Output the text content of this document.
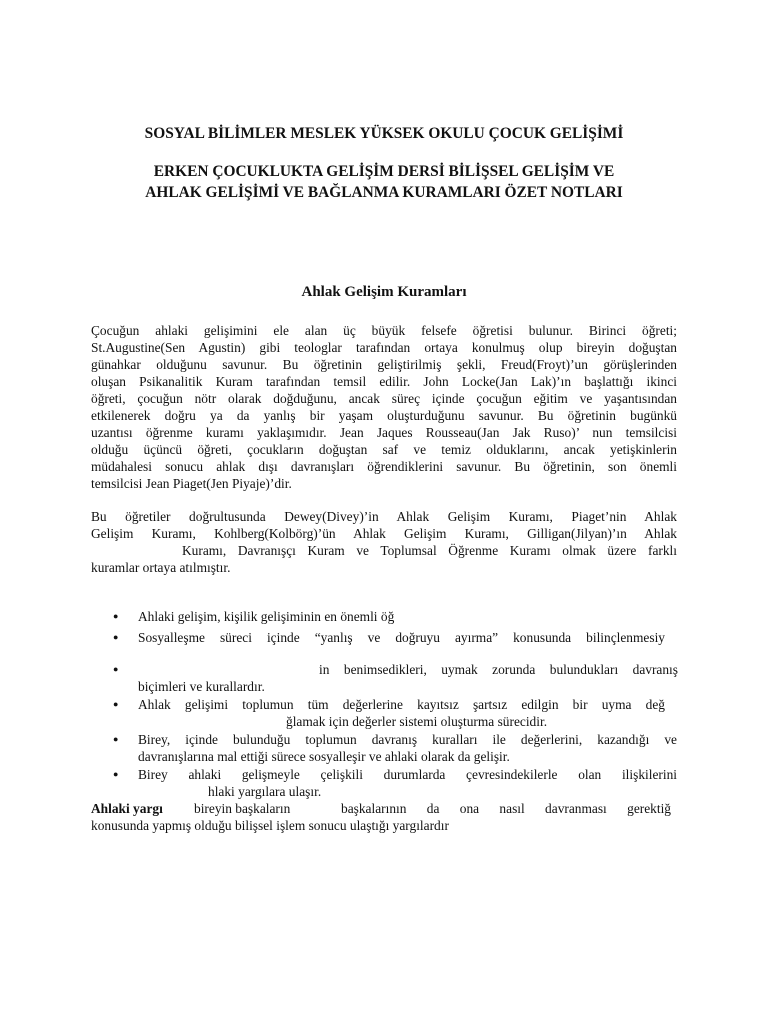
SOSYAL BİLİMLER MESLEK YÜKSEK OKULU ÇOCUK GELİŞİMİ

ERKEN ÇOCUKLUKTA GELİŞİM DERSİ BİLİŞSEL GELİŞİM VE

AHLAK GELİŞİMİ VE BAĞLANMA KURAMLARI ÖZET NOTLARI

Ahlak Gelişim Kuramları

Çocuğun ahlaki gelişimini ele alan üç büyük felsefe öğretisi bulunur. Birinci öğreti;

St.Augustine(Sen Agustin) gibi teologlar tarafından ortaya konulmuş olup bireyin doğuştan

günahkar olduğunu savunur. Bu öğretinin geliştirilmiş şekli, Freud(Froyt)’un görüşlerinden

oluşan Psikanalitik Kuram tarafından temsil edilir. John Locke(Jan Lak)’ın başlattığı ikinci

öğreti, çocuğun nötr olarak doğduğunu, ancak süreç içinde çocuğun eğitim ve yaşantısından

etkilenerek doğru ya da yanlış bir yaşam oluşturduğunu savunur. Bu öğretinin bugünkü

uzantısı öğrenme kuramı yaklaşımıdır. Jean Jaques Rousseau(Jan Jak Ruso)’ nun temsilcisi

olduğu üçüncü öğreti, çocukların doğuştan saf ve temiz olduklarını, ancak yetişkinlerin

müdahalesi sonucu ahlak dışı davranışları öğrendiklerini savunur. Bu öğretinin, son önemli

temsilcisi Jean Piaget(Jen Piyaje)’dir.

Bu öğretiler doğrultusunda Dewey(Divey)’in Ahlak Gelişim Kuramı, Piaget’nin Ahlak

Gelişim Kuramı, Kohlberg(Kolbörg)’ün Ahlak Gelişim Kuramı, Gilligan(Jilyan)’ın Ahlak

Kuramı, Davranışçı Kuram ve Toplumsal Öğrenme Kuramı olmak üzere farklı

kuramlar ortaya atılmıştır.

●

Ahlaki gelişim, kişilik gelişiminin en önemli öğ

●

Sosyalleşme süreci içinde “yanlış ve doğruyu ayırma” konusunda bilinçlenmesiy

●

in benimsedikleri, uymak zorunda bulundukları davranış

biçimleri ve kurallardır.

●

Ahlak gelişimi toplumun tüm değerlerine kayıtsız şartsız edilgin bir uyma değ

ğlamak için değerler sistemi oluşturma sürecidir.

●

Birey, içinde bulunduğu toplumun davranış kuralları ile değerlerini, kazandığı ve

davranışlarına mal ettiği sürece sosyalleşir ve ahlaki olarak da gelişir.

●

Birey ahlaki gelişmeyle çelişkili durumlarda çevresindekilerle olan ilişkilerini

hlaki yargılara ulaşır.

Ahlaki yargı bireyin başkaların	başkalarının da ona nasıl davranması gerektiğ

konusunda yapmış olduğu bilişsel işlem sonucu ulaştığı yargılardır
